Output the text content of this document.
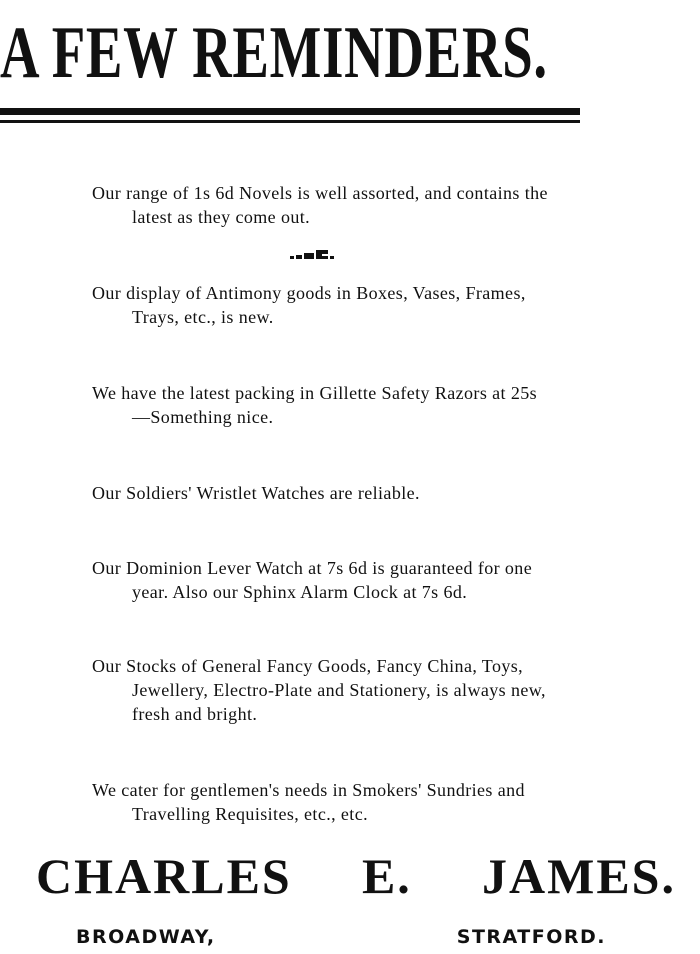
A FEW REMINDERS.

Our range of 1s 6d Novels is well assorted, and contains the
latest as they come out.

Our display of Antimony goods in Boxes, Vases, Frames,
Trays, etc., is new.

We have the latest packing in Gillette Safety Razors at 25s
—Something nice.

Our Soldiers' Wristlet Watches are reliable.

Our Dominion Lever Watch at 7s 6d is guaranteed for one
year. Also our Sphinx Alarm Clock at 7s 6d.

Our Stocks of General Fancy Goods, Fancy China, Toys,
Jewellery, Electro-Plate and Stationery, is always new,
fresh and bright.

We cater for gentlemen's needs in Smokers' Sundries and
Travelling Requisites, etc., etc.

CHARLES E. JAMES.
BROADWAY,	STRATFORD.
